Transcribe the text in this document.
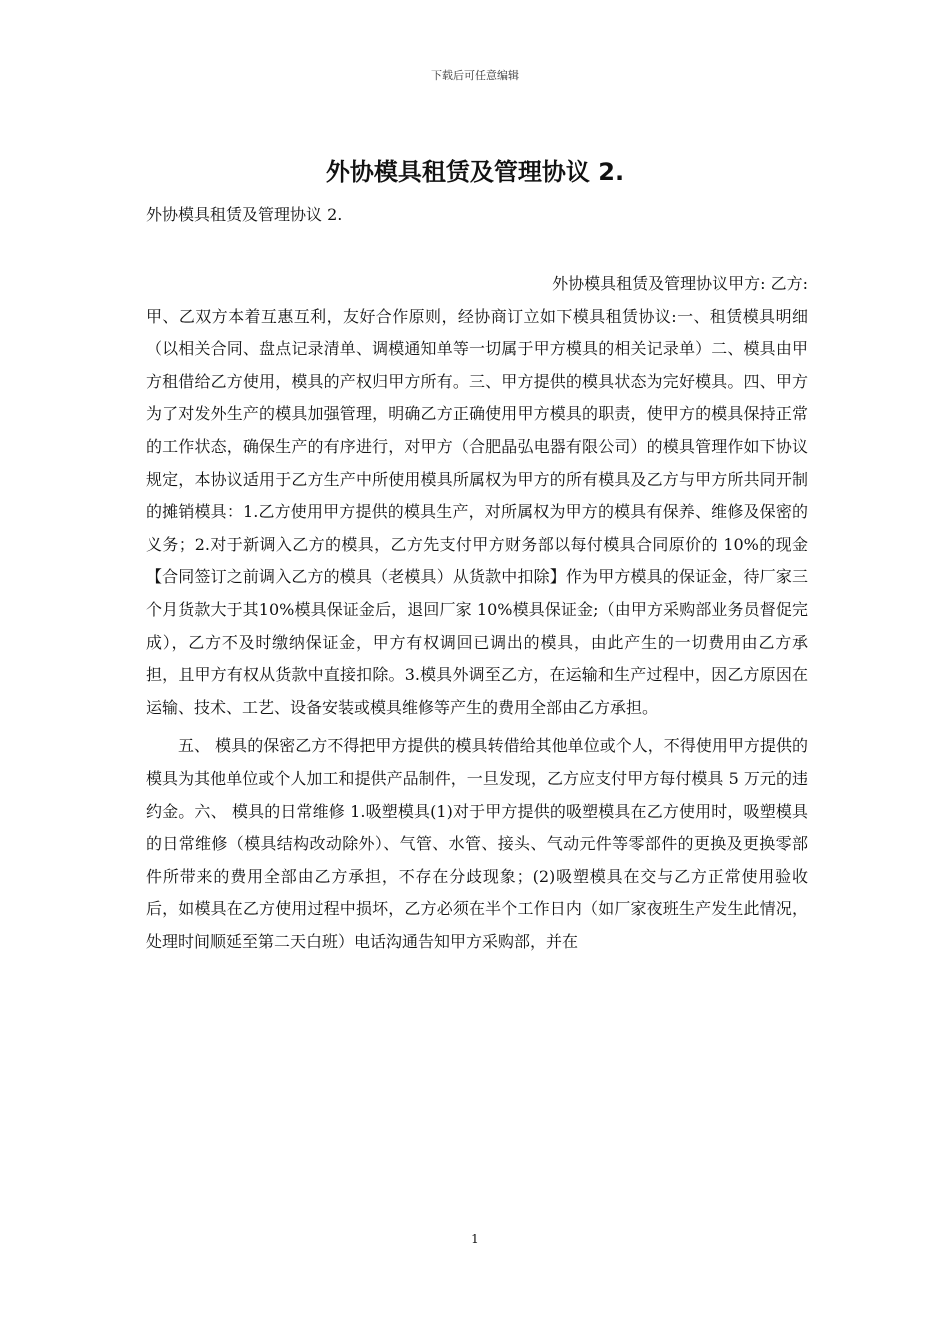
下载后可任意编辑
外协模具租赁及管理协议 2.
外协模具租赁及管理协议 2.
外协模具租赁及管理协议甲方: 乙方:
甲、乙双方本着互惠互利，友好合作原则，经协商订立如下模具租赁协议:一、租赁模具明细（以相关合同、盘点记录清单、调模通知单等一切属于甲方模具的相关记录单）二、模具由甲方租借给乙方使用，模具的产权归甲方所有。三、甲方提供的模具状态为完好模具。四、甲方为了对发外生产的模具加强管理，明确乙方正确使用甲方模具的职责，使甲方的模具保持正常的工作状态，确保生产的有序进行，对甲方（合肥晶弘电器有限公司）的模具管理作如下协议规定，本协议适用于乙方生产中所使用模具所属权为甲方的所有模具及乙方与甲方所共同开制的摊销模具：1.乙方使用甲方提供的模具生产，对所属权为甲方的模具有保养、维修及保密的义务；2.对于新调入乙方的模具，乙方先支付甲方财务部以每付模具合同原价的 10%的现金【合同签订之前调入乙方的模具（老模具）从货款中扣除】作为甲方模具的保证金，待厂家三个月货款大于其10%模具保证金后，退回厂家 10%模具保证金;（由甲方采购部业务员督促完成），乙方不及时缴纳保证金，甲方有权调回已调出的模具，由此产生的一切费用由乙方承担，且甲方有权从货款中直接扣除。3.模具外调至乙方，在运输和生产过程中，因乙方原因在运输、技术、工艺、设备安装或模具维修等产生的费用全部由乙方承担。
五、 模具的保密乙方不得把甲方提供的模具转借给其他单位或个人，不得使用甲方提供的模具为其他单位或个人加工和提供产品制件，一旦发现，乙方应支付甲方每付模具 5 万元的违约金。六、 模具的日常维修 1.吸塑模具(1)对于甲方提供的吸塑模具在乙方使用时，吸塑模具的日常维修（模具结构改动除外）、气管、水管、接头、气动元件等零部件的更换及更换零部件所带来的费用全部由乙方承担，不存在分歧现象；(2)吸塑模具在交与乙方正常使用验收后，如模具在乙方使用过程中损坏，乙方必须在半个工作日内（如厂家夜班生产发生此情况，处理时间顺延至第二天白班）电话沟通告知甲方采购部，并在
1
